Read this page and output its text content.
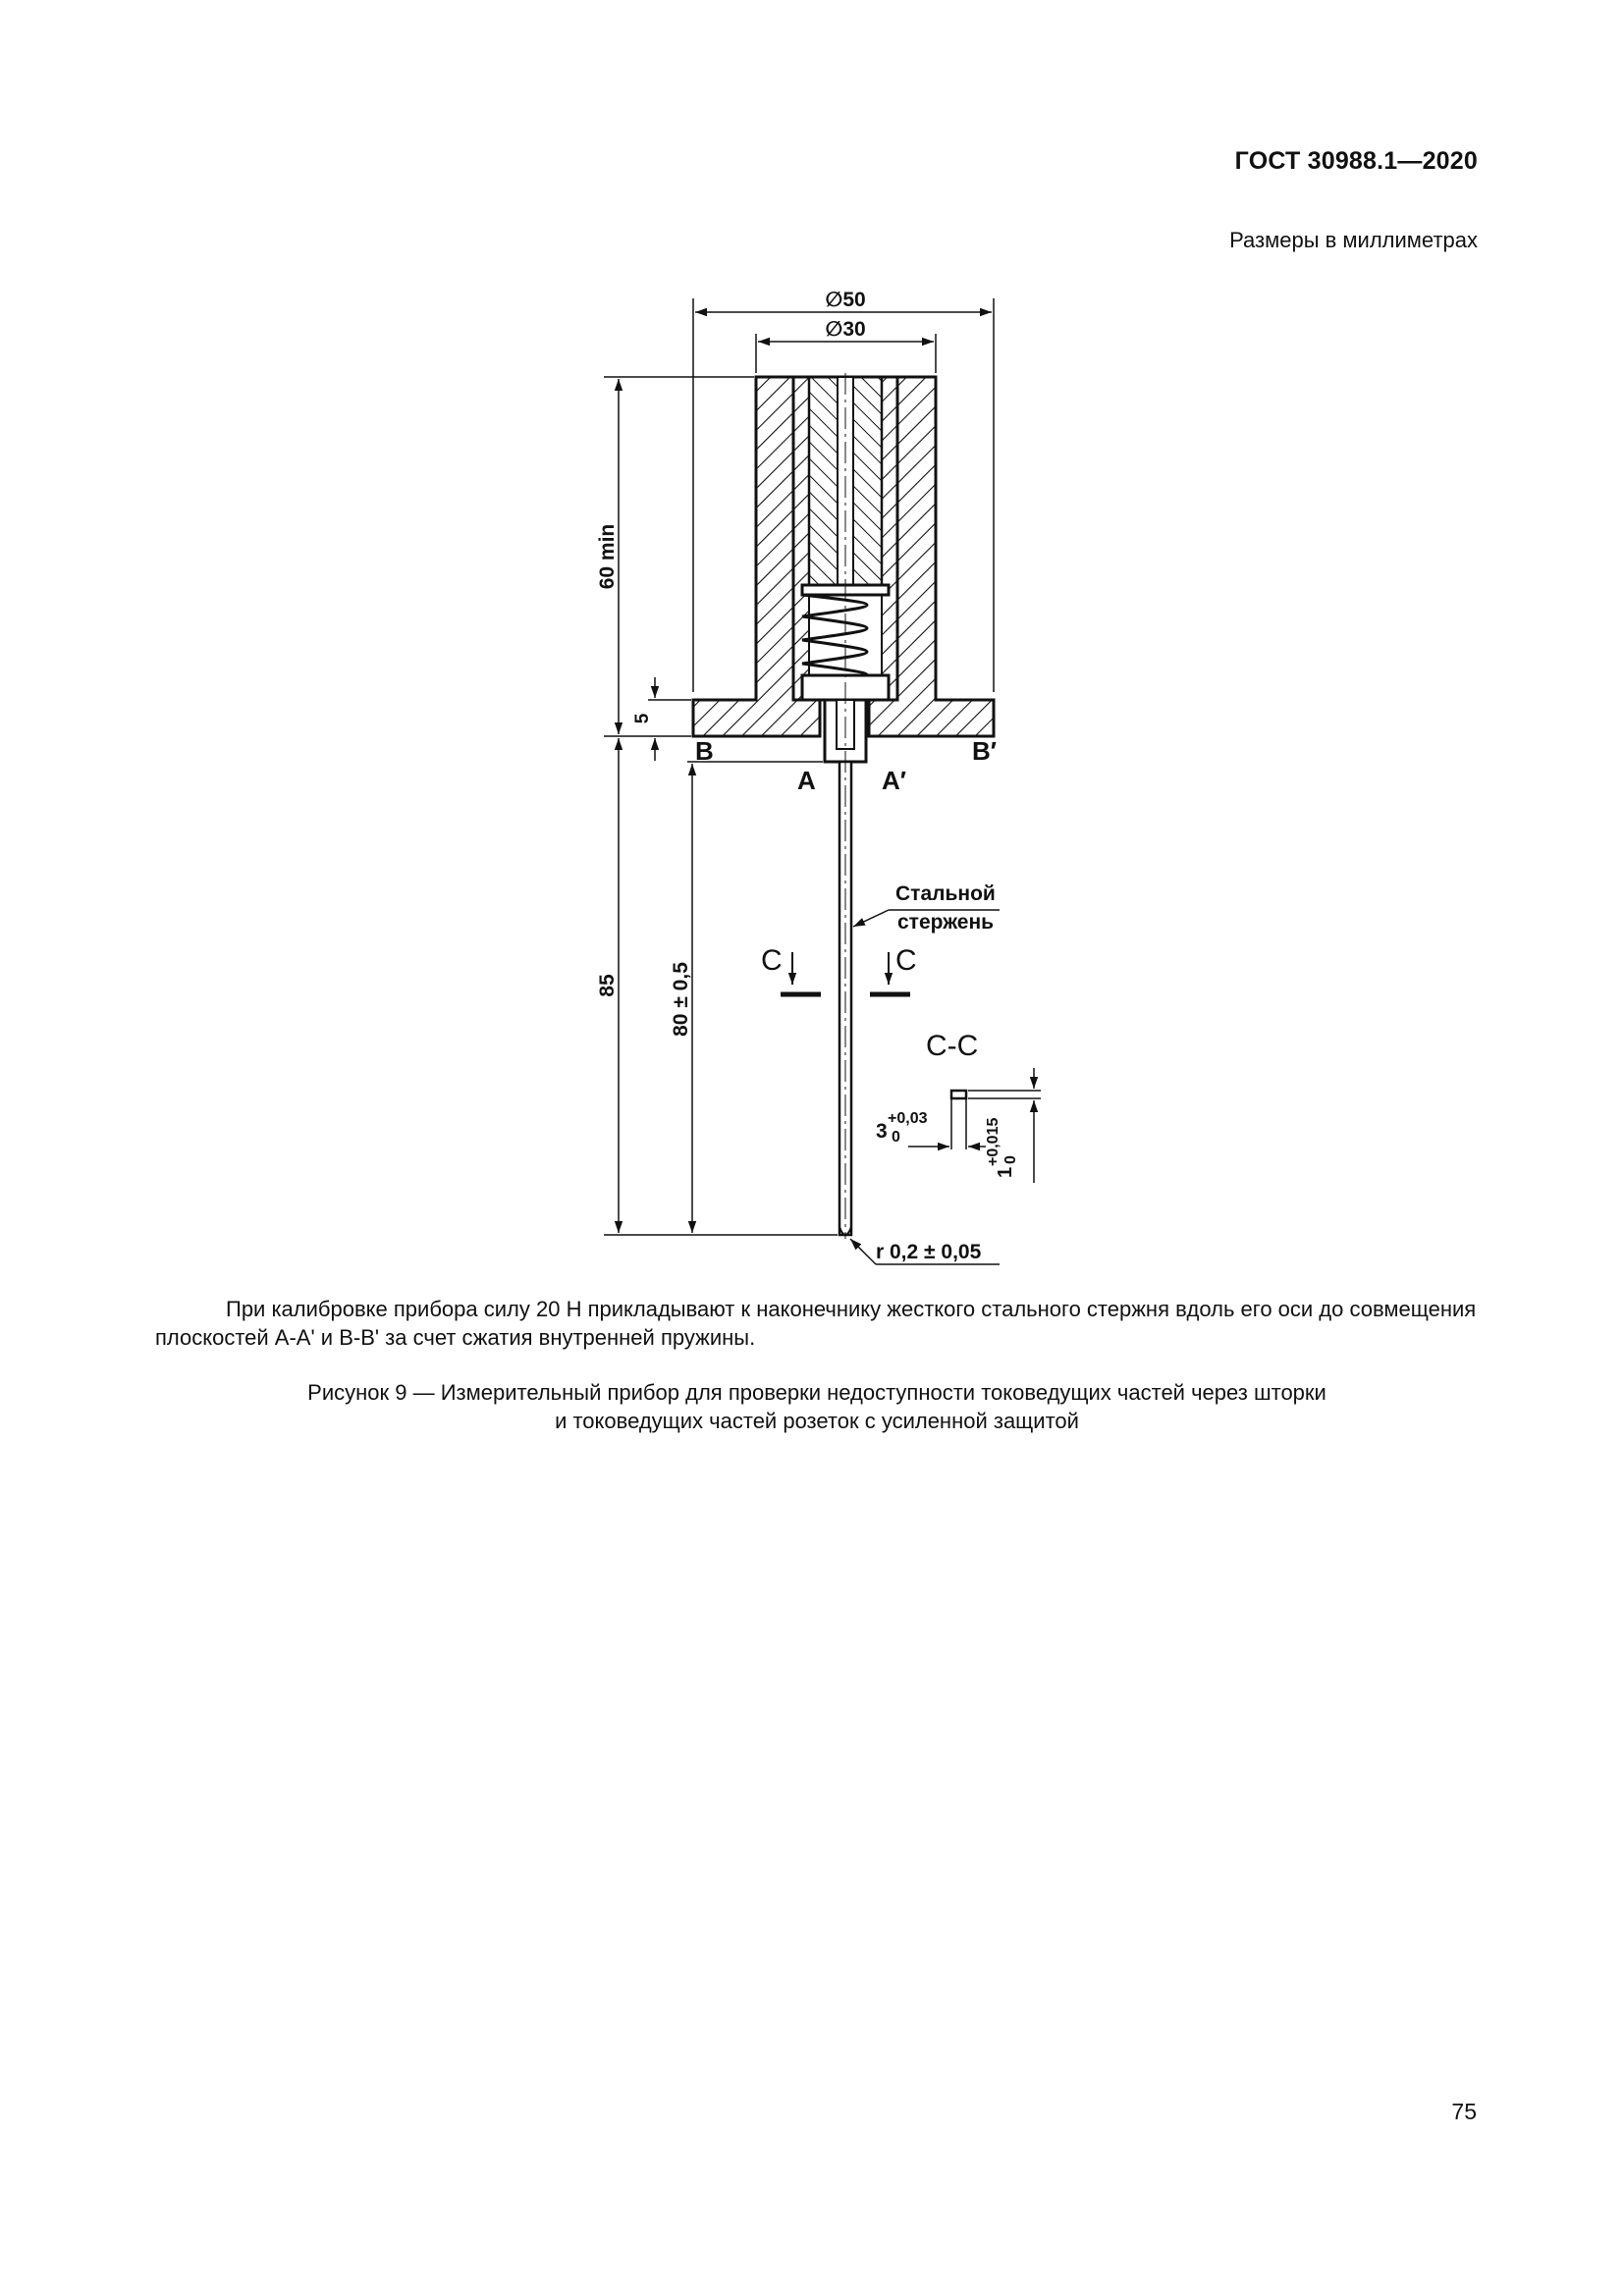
ГОСТ 30988.1—2020
Размеры в миллиметрах
∅50
∅30
60 min
5
85 80 ± 0,5
B	B′
A	A′
Стальной
стержень
C	C
C-C
3
+0,03
0
1
+0,015 0
r 0,2 ± 0,05

При калибровке прибора силу 20 Н прикладывают к наконечнику жесткого стального стержня вдоль его оси до совмещения плоскостей A-A' и B-B' за счет сжатия внутренней пружины.

Рисунок 9 — Измерительный прибор для проверки недоступности токоведущих частей через шторки
и токоведущих частей розеток с усиленной защитой
75
